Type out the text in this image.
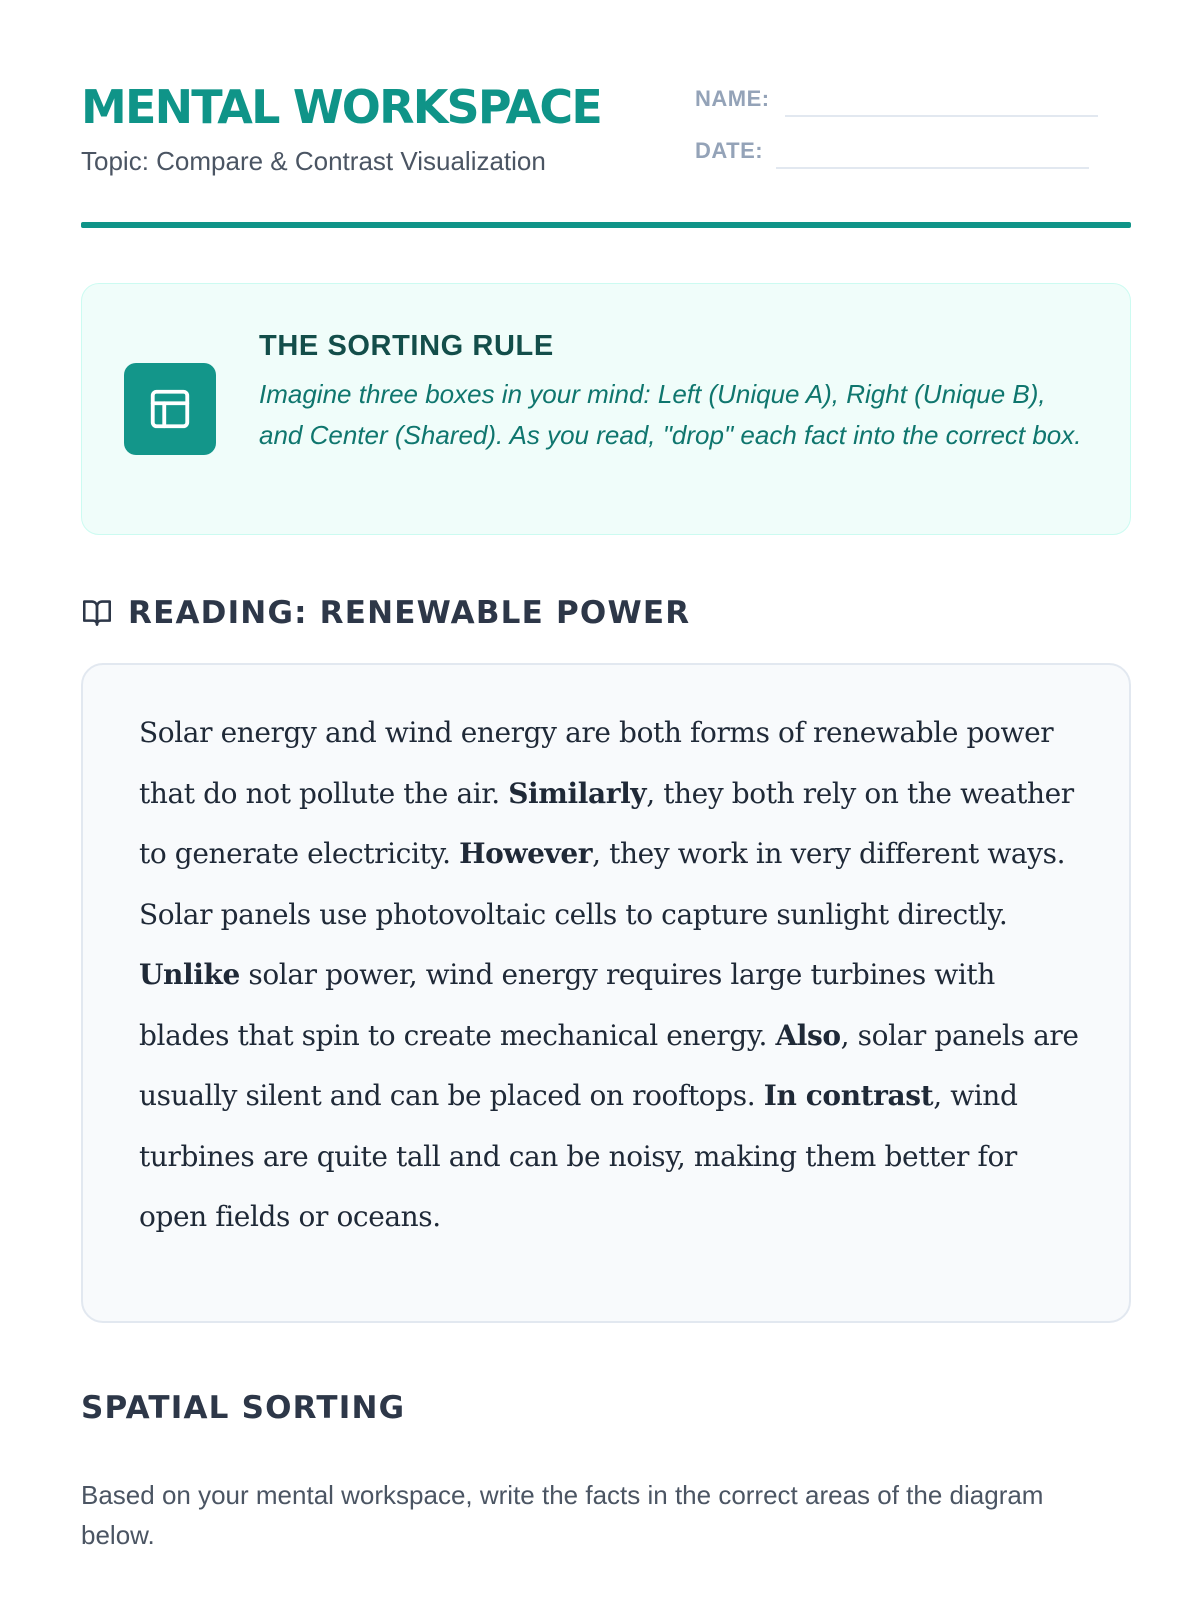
MENTAL WORKSPACE
Topic: Compare & Contrast Visualization
NAME:
DATE:
THE SORTING RULE
Imagine three boxes in your mind: Left (Unique A), Right (Unique B), and Center (Shared). As you read, "drop" each fact into the correct box.
READING: RENEWABLE POWER
Solar energy and wind energy are both forms of renewable power that do not pollute the air. Similarly, they both rely on the weather to generate electricity. However, they work in very different ways. Solar panels use photovoltaic cells to capture sunlight directly. Unlike solar power, wind energy requires large turbines with blades that spin to create mechanical energy. Also, solar panels are usually silent and can be placed on rooftops. In contrast, wind turbines are quite tall and can be noisy, making them better for open fields or oceans.
SPATIAL SORTING
Based on your mental workspace, write the facts in the correct areas of the diagram below.
